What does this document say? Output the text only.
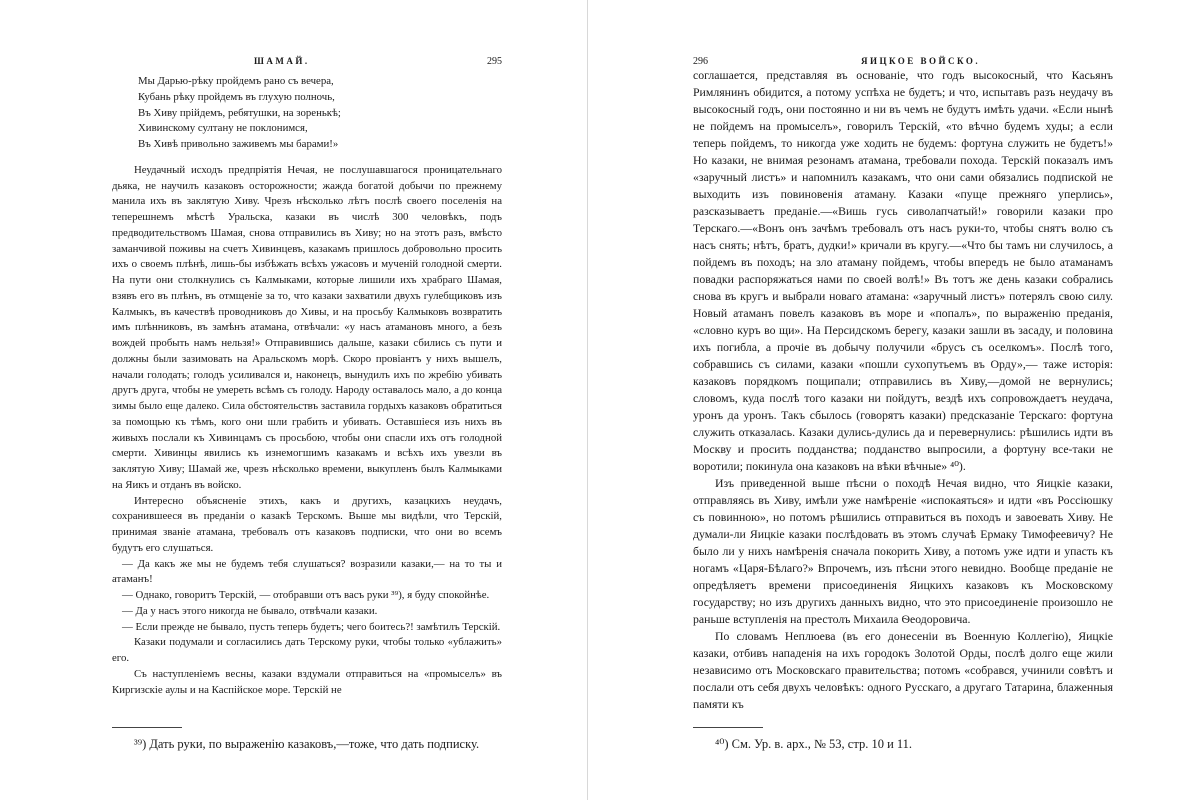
ШАМАЙ.	295
Мы Дарью-рѣку пройдемъ рано съ вечера,
Кубань рѣку пройдемъ въ глухую полночь,
Въ Хиву прійдемъ, ребятушки, на зоренькѣ;
Хивинскому султану не поклонимся,
Въ Хивѣ привольно заживемъ мы барами!»

Неудачный исходъ предпріятія Нечая, не послушавшагося проницательнаго дьяка, не научилъ казаковъ осторожности; жажда богатой добычи по прежнему манила ихъ въ заклятую Хиву. Чрезъ нѣсколько лѣтъ послѣ своего поселенія на теперешнемъ мѣстѣ Уральска, казаки въ числѣ 300 человѣкъ, подъ предводительствомъ Шамая, снова отправились въ Хиву; но на этотъ разъ, вмѣсто заманчивой поживы на счетъ Хивинцевъ, казакамъ пришлось добровольно просить ихъ о своемъ плѣнѣ, лишь-бы избѣжать всѣхъ ужасовъ и мученій голодной смерти. На пути они столкнулись съ Калмыками, которые лишили ихъ храбраго Шамая, взявъ его въ плѣнъ, въ отмщеніе за то, что казаки захватили двухъ гулебщиковъ изъ Калмыкъ, въ качествѣ проводниковъ до Хивы, и на просьбу Калмыковъ возвратить имъ плѣнниковъ, въ замѣнъ атамана, отвѣчали: «у насъ атамановъ много, а безъ вождей пробыть намъ нельзя!» Отправившись дальше, казаки сбились съ пути и должны были зазимовать на Аральскомъ морѣ. Скоро провіантъ у нихъ вышелъ, начали голодать; голодъ усиливался и, наконецъ, вынудилъ ихъ по жребію убивать другъ друга, чтобы не умереть всѣмъ съ голоду. Народу оставалось мало, а до конца зимы было еще далеко. Сила обстоятельствъ заставила гордыхъ казаковъ обратиться за помощью къ тѣмъ, кого они шли грабить и убивать. Оставшіеся изъ нихъ въ живыхъ послали къ Хивинцамъ съ просьбою, чтобы они спасли ихъ отъ голодной смерти. Хивинцы явились къ изнемогшимъ казакамъ и всѣхъ ихъ увезли въ заклятую Хиву; Шамай же, чрезъ нѣсколько времени, выкупленъ былъ Калмыками на Яикъ и отданъ въ войско.

Интересно объясненіе этихъ, какъ и другихъ, казацкихъ неудачъ, сохранившееся въ преданіи о казакѣ Терскомъ. Выше мы видѣли, что Терскій, принимая званіе атамана, требовалъ отъ казаковъ подписки, что они во всемъ будутъ его слушаться.

— Да какъ же мы не будемъ тебя слушаться? возразили казаки,— на то ты и атаманъ!

— Однако, говоритъ Терскій, — отобравши отъ васъ руки ³⁹), я буду спокойнѣе.

— Да у насъ этого никогда не бывало, отвѣчали казаки.

— Если прежде не бывало, пусть теперь будетъ; чего боитесь?! замѣтилъ Терскій.

Казаки подумали и согласились дать Терскому руки, чтобы только «ублажить» его.

Съ наступленіемъ весны, казаки вздумали отправиться на «промыселъ» въ Киргизскіе аулы и на Каспійское море. Терскій не

³⁹) Дать руки, по выраженію казаковъ,—тоже, что дать подписку.
296	ЯИЦКОЕ ВОЙСКО.

соглашается, представляя въ основаніе, что годъ высокосный, что Касьянъ Римлянинъ обидится, а потому успѣха не будетъ; и что, испытавъ разъ неудачу въ высокосный годъ, они постоянно и ни въ чемъ не будутъ имѣть удачи. «Если нынѣ не пойдемъ на промыселъ», говорилъ Терскій, «то вѣчно будемъ худы; а если теперь пойдемъ, то никогда уже ходить не будемъ: фортуна служить не будетъ!» Но казаки, не внимая резонамъ атамана, требовали похода. Терскій показалъ имъ «заручный листъ» и напомнилъ казакамъ, что они сами обязались подпиской не выходить изъ повиновенія атаману. Казаки «пуще прежняго уперлись», разсказываетъ преданіе.—«Вишь гусь сиволапчатый!» говорили казаки про Терскаго.—«Вонъ онъ зачѣмъ требовалъ отъ насъ руки-то, чтобы снятъ волю съ насъ снять; нѣтъ, братъ, дудки!» кричали въ кругу.—«Что бы тамъ ни случилось, а пойдемъ въ походъ; на зло атаману пойдемъ, чтобы впередъ не было атаманамъ повадки распоряжаться нами по своей волѣ!» Въ тотъ же день казаки собрались снова въ кругъ и выбрали новаго атамана: «заручный листъ» потерялъ свою силу. Новый атаманъ повелъ казаковъ въ море и «попалъ», по выраженію преданія, «словно куръ во щи». На Персидскомъ берегу, казаки зашли въ засаду, и половина ихъ погибла, а прочіе въ добычу получили «брусъ съ оселкомъ». Послѣ того, собравшись съ силами, казаки «пошли сухопутьемъ въ Орду»,— таже исторія: казаковъ порядкомъ пощипали; отправились въ Хиву,—домой не вернулись; словомъ, куда послѣ того казаки ни пойдутъ, вездѣ ихъ сопровождаетъ неудача, уронъ да уронъ. Такъ сбылось (говорятъ казаки) предсказаніе Терскаго: фортуна служить отказалась. Казаки дулись-дулись да и перевернулись: рѣшились идти въ Москву и просить подданства; подданство выпросили, а фортуну все-таки не воротили; покинула она казаковъ на вѣки вѣчные» ⁴⁰).

Изъ приведенной выше пѣсни о походѣ Нечая видно, что Яицкіе казаки, отправляясь въ Хиву, имѣли уже намѣреніе «испокаяться» и идти «въ Россіюшку съ повинною», но потомъ рѣшились отправиться въ походъ и завоевать Хиву. Не думали-ли Яицкіе казаки послѣдовать въ этомъ случаѣ Ермаку Тимофеевичу? Не было ли у нихъ намѣренія сначала покорить Хиву, а потомъ уже идти и упасть къ ногамъ «Царя-Бѣлаго?» Впрочемъ, изъ пѣсни этого невидно. Вообще преданіе не опредѣляетъ времени присоединенія Яицкихъ казаковъ къ Московскому государству; но изъ другихъ данныхъ видно, что это присоединеніе произошло не раньше вступленія на престолъ Михаила Ѳеодоровича.

По словамъ Неплюева (въ его донесеніи въ Военную Коллегію), Яицкіе казаки, отбивъ нападенія на ихъ городокъ Золотой Орды, послѣ долго еще жили независимо отъ Московскаго правительства; потомъ «собрався, учинили совѣтъ и послали отъ себя двухъ человѣкъ: одного Русскаго, а другаго Татарина, блаженныя памяти къ

⁴⁰) См. Ур. в. арх., № 53, стр. 10 и 11.
